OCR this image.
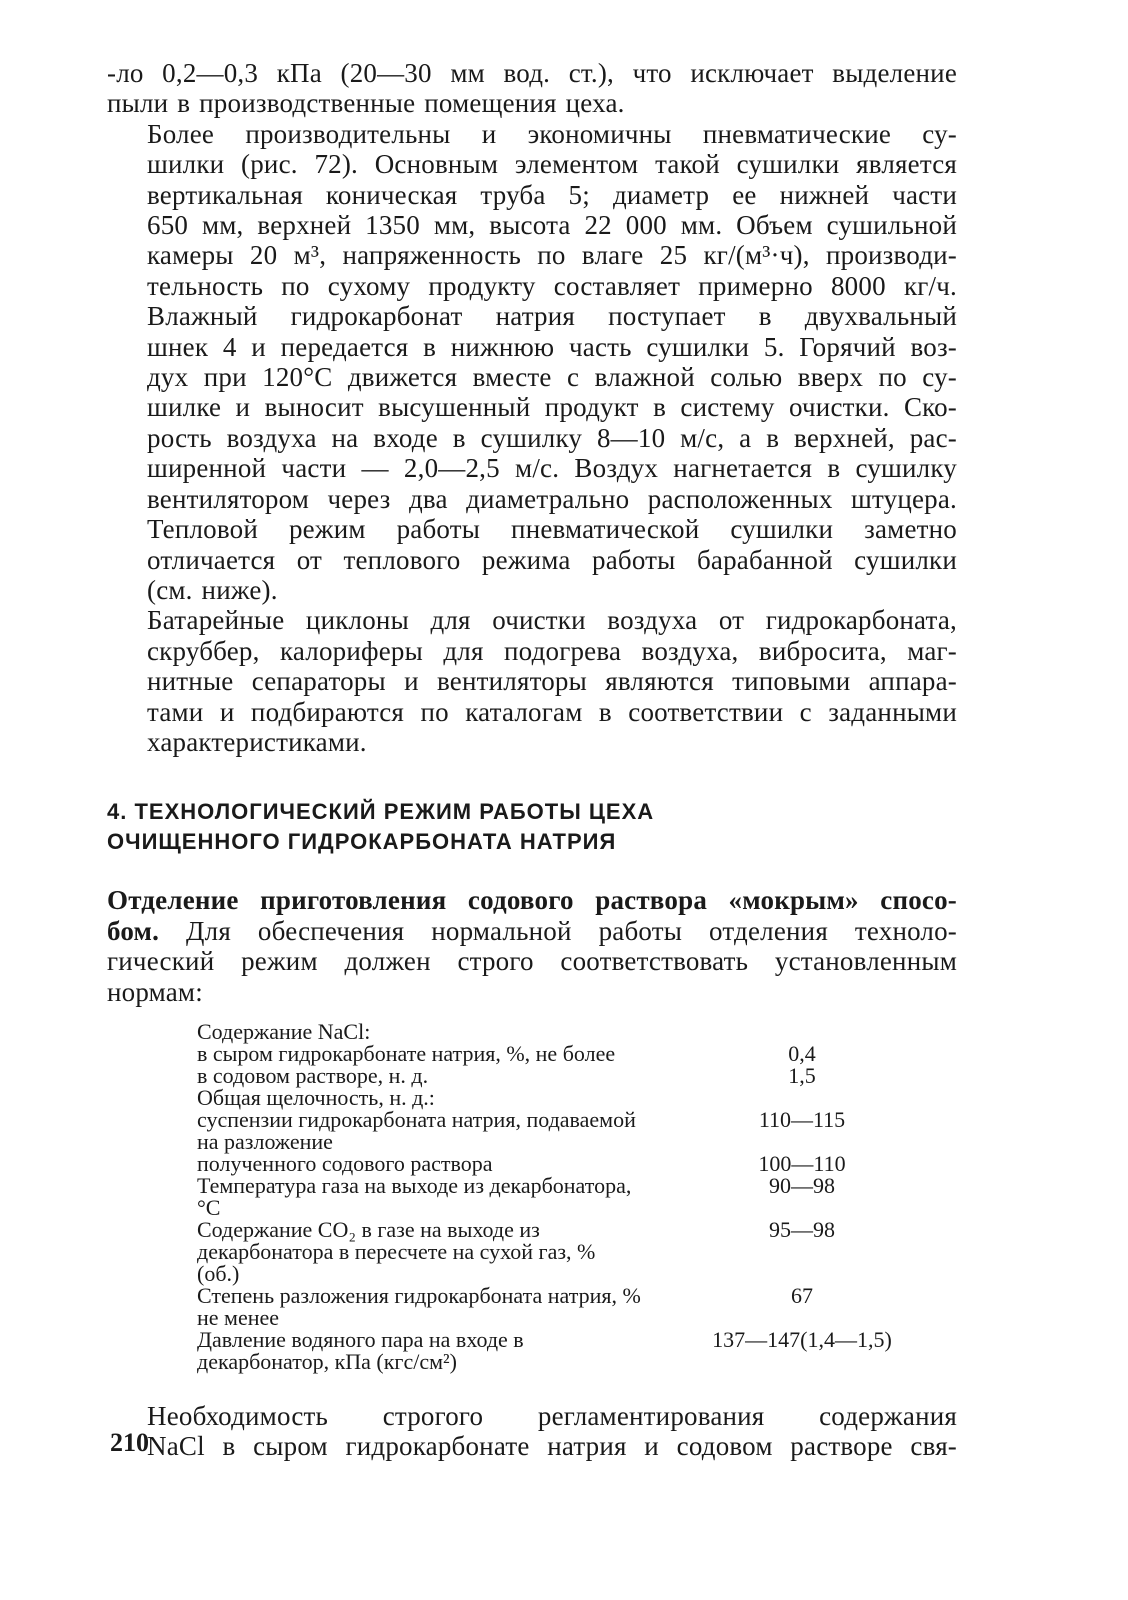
-ло 0,2—0,3 кПа (20—30 мм вод. ст.), что исключает выделение
пыли в производственные помещения цеха.

Более производительны и экономичны пневматические су-
шилки (рис. 72). Основным элементом такой сушилки является
вертикальная коническая труба 5; диаметр ее нижней части
650 мм, верхней 1350 мм, высота 22 000 мм. Объем сушильной
камеры 20 м³, напряженность по влаге 25 кг/(м³·ч), производи-
тельность по сухому продукту составляет примерно 8000 кг/ч.

Влажный гидрокарбонат натрия поступает в двухвальный
шнек 4 и передается в нижнюю часть сушилки 5. Горячий воз-
дух при 120°С движется вместе с влажной солью вверх по су-
шилке и выносит высушенный продукт в систему очистки. Ско-
рость воздуха на входе в сушилку 8—10 м/с, а в верхней, рас-
ширенной части — 2,0—2,5 м/с. Воздух нагнетается в сушилку
вентилятором через два диаметрально расположенных штуцера.

Тепловой режим работы пневматической сушилки заметно
отличается от теплового режима работы барабанной сушилки
(см. ниже).

Батарейные циклоны для очистки воздуха от гидрокарбоната,
скруббер, калориферы для подогрева воздуха, вибросита, маг-
нитные сепараторы и вентиляторы являются типовыми аппара-
тами и подбираются по каталогам в соответствии с заданными
характеристиками.

4. ТЕХНОЛОГИЧЕСКИЙ РЕЖИМ РАБОТЫ ЦЕХА

ОЧИЩЕННОГО ГИДРОКАРБОНАТА НАТРИЯ

Отделение приготовления содового раствора «мокрым» спосо-
бом. Для обеспечения нормальной работы отделения техноло-
гический режим должен строго соответствовать установленным
нормам:

Содержание NaCl:	
в сыром гидрокарбонате натрия, %, не более	0,4
в содовом растворе, н. д.	1,5
Общая щелочность, н. д.:	
суспензии гидрокарбоната натрия, подаваемой на разложение	110—115
полученного содового раствора	100—110
Температура газа на выходе из декарбонатора, °С	90—98
Содержание CO₂ в газе на выходе из декарбонатора в пересчете на сухой газ, % (об.)	95—98
Степень разложения гидрокарбоната натрия, % не менее	67
Давление водяного пара на входе в декарбонатор, кПа (кгс/см²)	137—147(1,4—1,5)

Необходимость строгого регламентирования содержания
NaCl в сыром гидрокарбонате натрия и содовом растворе свя-

210
